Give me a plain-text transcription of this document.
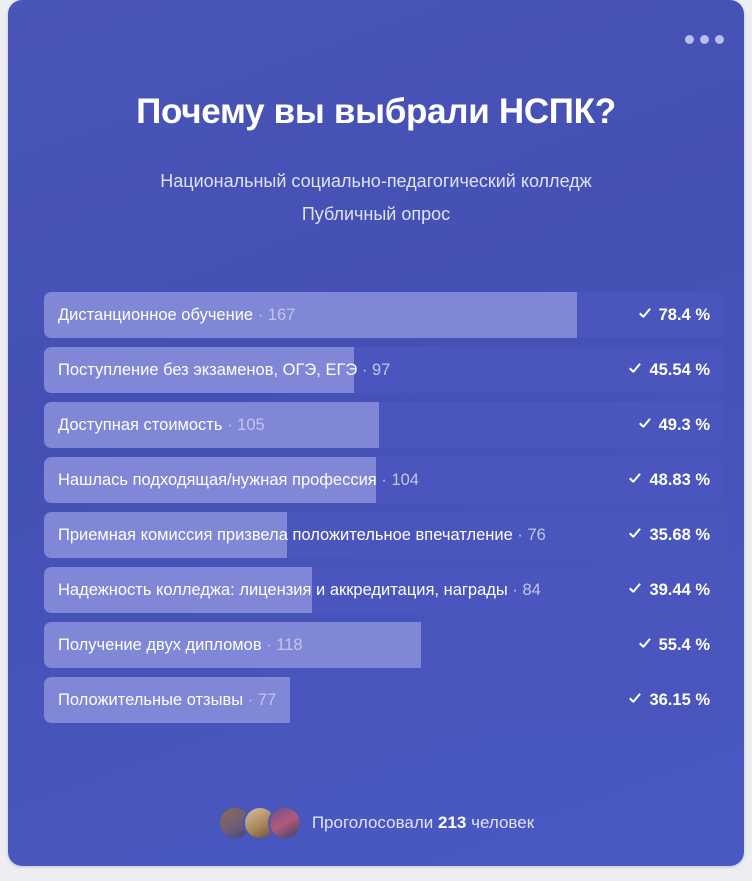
Почему вы выбрали НСПК?
Национальный социально-педагогический колледж
Публичный опрос
Дистанционное обучение · 167	78.4 %
Поступление без экзаменов, ОГЭ, ЕГЭ · 97	45.54 %
Доступная стоимость · 105	49.3 %
Нашлась подходящая/нужная профессия · 104	48.83 %
Приемная комиссия призвела положительное впечатление · 76	35.68 %
Надежность колледжа: лицензия и аккредитация, награды · 84	39.44 %
Получение двух дипломов · 118	55.4 %
Положительные отзывы · 77	36.15 %
Проголосовали 213 человек
